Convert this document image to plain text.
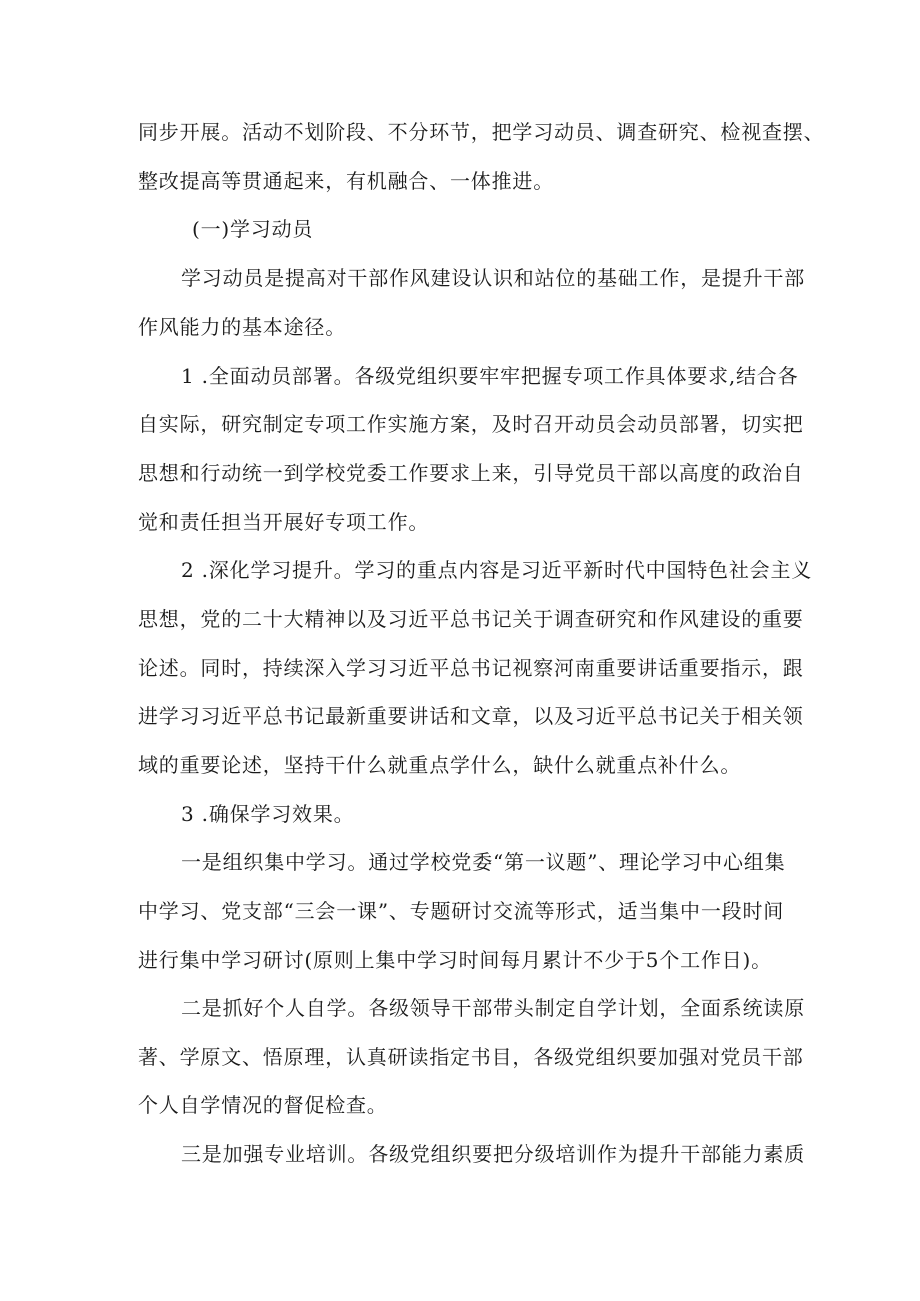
同步开展。活动不划阶段、不分环节，把学习动员、调查研究、检视查摆、
整改提高等贯通起来，有机融合、一体推进。
(一)学习动员
学习动员是提高对干部作风建设认识和站位的基础工作，是提升干部
作风能力的基本途径。
1 .全面动员部署。各级党组织要牢牢把握专项工作具体要求,结合各
自实际，研究制定专项工作实施方案，及时召开动员会动员部署，切实把
思想和行动统一到学校党委工作要求上来，引导党员干部以高度的政治自
觉和责任担当开展好专项工作。
2 .深化学习提升。学习的重点内容是习近平新时代中国特色社会主义
思想，党的二十大精神以及习近平总书记关于调查研究和作风建设的重要
论述。同时，持续深入学习习近平总书记视察河南重要讲话重要指示，跟
进学习习近平总书记最新重要讲话和文章，以及习近平总书记关于相关领
域的重要论述，坚持干什么就重点学什么，缺什么就重点补什么。
3 .确保学习效果。
一是组织集中学习。通过学校党委“第一议题”、理论学习中心组集
中学习、党支部“三会一课”、专题研讨交流等形式，适当集中一段时间
进行集中学习研讨(原则上集中学习时间每月累计不少于5个工作日)。
二是抓好个人自学。各级领导干部带头制定自学计划，全面系统读原
著、学原文、悟原理，认真研读指定书目，各级党组织要加强对党员干部
个人自学情况的督促检查。
三是加强专业培训。各级党组织要把分级培训作为提升干部能力素质
